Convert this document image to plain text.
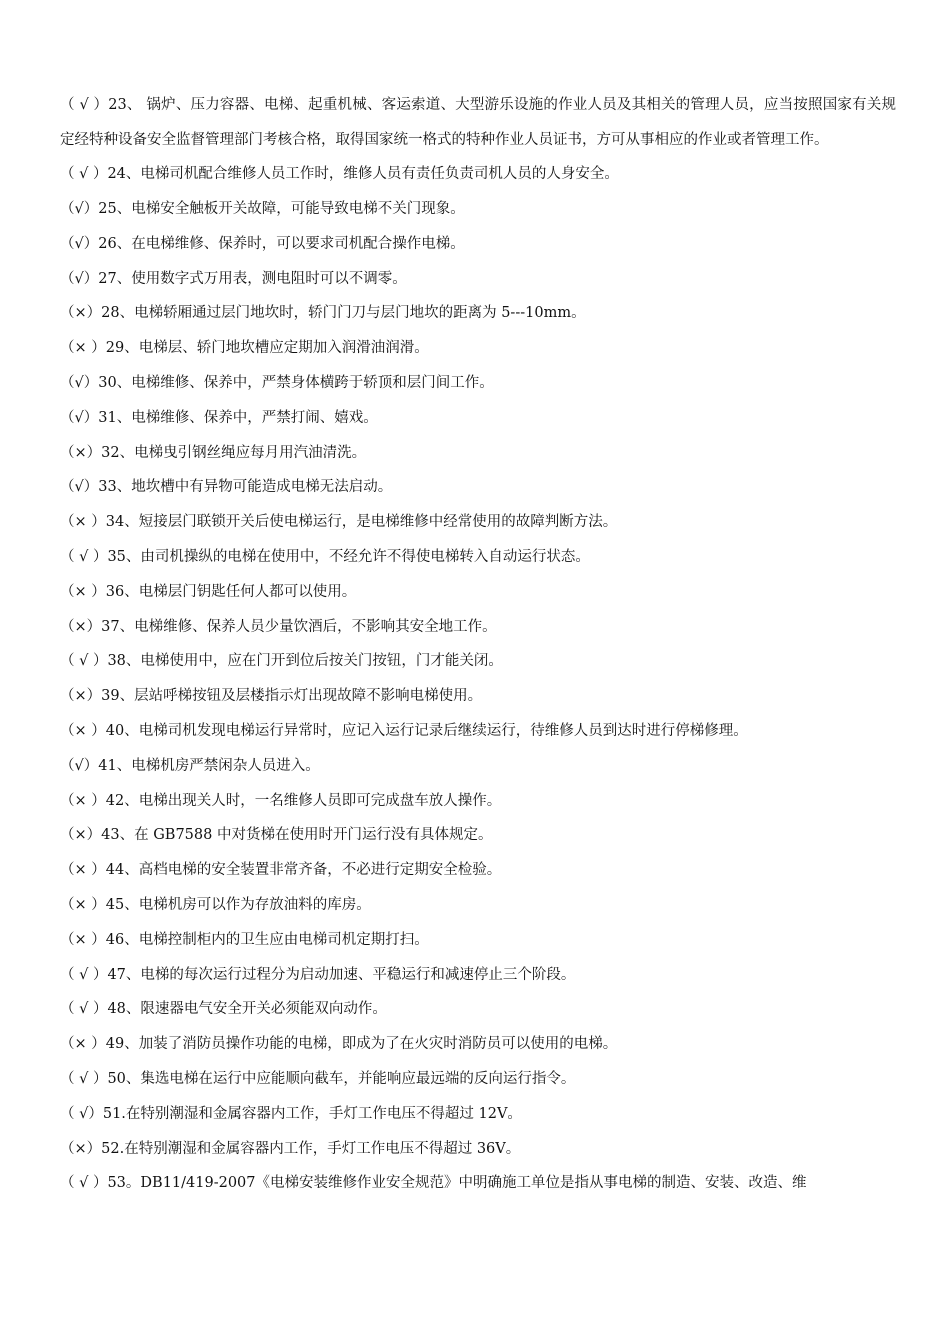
（ √ ）23、 锅炉、压力容器、电梯、起重机械、客运索道、大型游乐设施的作业人员及其相关的管理人员，应当按照国家有关规定经特种设备安全监督管理部门考核合格，取得国家统一格式的特种作业人员证书，方可从事相应的作业或者管理工作。

（ √ ）24、电梯司机配合维修人员工作时，维修人员有责任负责司机人员的人身安全。

（√）25、电梯安全触板开关故障，可能导致电梯不关门现象。

（√）26、在电梯维修、保养时，可以要求司机配合操作电梯。

（√）27、使用数字式万用表，测电阻时可以不调零。

（×）28、电梯轿厢通过层门地坎时，轿门门刀与层门地坎的距离为 5---10mm。

（× ）29、电梯层、轿门地坎槽应定期加入润滑油润滑。

（√）30、电梯维修、保养中，严禁身体横跨于轿顶和层门间工作。

（√）31、电梯维修、保养中，严禁打闹、嬉戏。

（×）32、电梯曳引钢丝绳应每月用汽油清洗。

（√）33、地坎槽中有异物可能造成电梯无法启动。

（× ）34、短接层门联锁开关后使电梯运行，是电梯维修中经常使用的故障判断方法。

（ √ ）35、由司机操纵的电梯在使用中，不经允许不得使电梯转入自动运行状态。

（× ）36、电梯层门钥匙任何人都可以使用。

（×）37、电梯维修、保养人员少量饮酒后，不影响其安全地工作。

（ √ ）38、电梯使用中，应在门开到位后按关门按钮，门才能关闭。

（×）39、层站呼梯按钮及层楼指示灯出现故障不影响电梯使用。

（× ）40、电梯司机发现电梯运行异常时，应记入运行记录后继续运行，待维修人员到达时进行停梯修理。

（√）41、电梯机房严禁闲杂人员进入。

（× ）42、电梯出现关人时，一名维修人员即可完成盘车放人操作。

（×）43、在 GB7588 中对货梯在使用时开门运行没有具体规定。

（× ）44、高档电梯的安全装置非常齐备，不必进行定期安全检验。

（× ）45、电梯机房可以作为存放油料的库房。

（× ）46、电梯控制柜内的卫生应由电梯司机定期打扫。

（ √ ）47、电梯的每次运行过程分为启动加速、平稳运行和减速停止三个阶段。

（ √ ）48、限速器电气安全开关必须能双向动作。

（× ）49、加装了消防员操作功能的电梯，即成为了在火灾时消防员可以使用的电梯。

（ √ ）50、集选电梯在运行中应能顺向截车，并能响应最远端的反向运行指令。

（ √）51.在特别潮湿和金属容器内工作，手灯工作电压不得超过 12V。

（×）52.在特别潮湿和金属容器内工作，手灯工作电压不得超过 36V。

（ √ ）53。DB11/419-2007《电梯安装维修作业安全规范》中明确施工单位是指从事电梯的制造、安装、改造、维
